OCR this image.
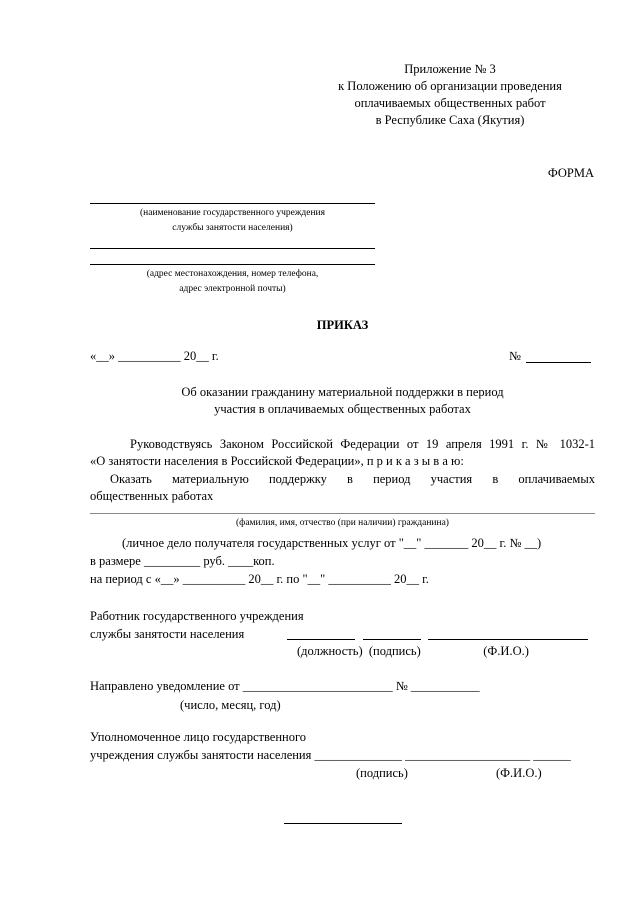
Приложение № 3
к Положению об организации проведения
оплачиваемых общественных работ
в Республике Саха (Якутия)
ФОРМА
(наименование государственного учреждения
службы занятости населения)
(адрес местонахождения, номер телефона,
адрес электронной почты)
ПРИКАЗ
«__» __________ 20__ г.	№
Об оказании гражданину материальной поддержки в период
участия в оплачиваемых общественных работах
Руководствуясь Законом Российской Федерации от 19 апреля 1991 г. № 1032-1
«О занятости населения в Российской Федерации», п р и к а з ы в а ю:
Оказать материальную поддержку в период участия в оплачиваемых
общественных работах
(фамилия, имя, отчество (при наличии) гражданина)
(личное дело получателя государственных услуг от "__" _______ 20__ г. № __)
в размере _________ руб. ____коп.
на период с «__» __________ 20__ г. по "__" __________ 20__ г.
Работник государственного учреждения
службы занятости населения
(должность)  (подпись)                    (Ф.И.О.)
Направлено уведомление от ________________________ № ___________
(число, месяц, год)
Уполномоченное лицо государственного
учреждения службы занятости населения ______________ ____________________ ______
(подпись)	(Ф.И.О.)
